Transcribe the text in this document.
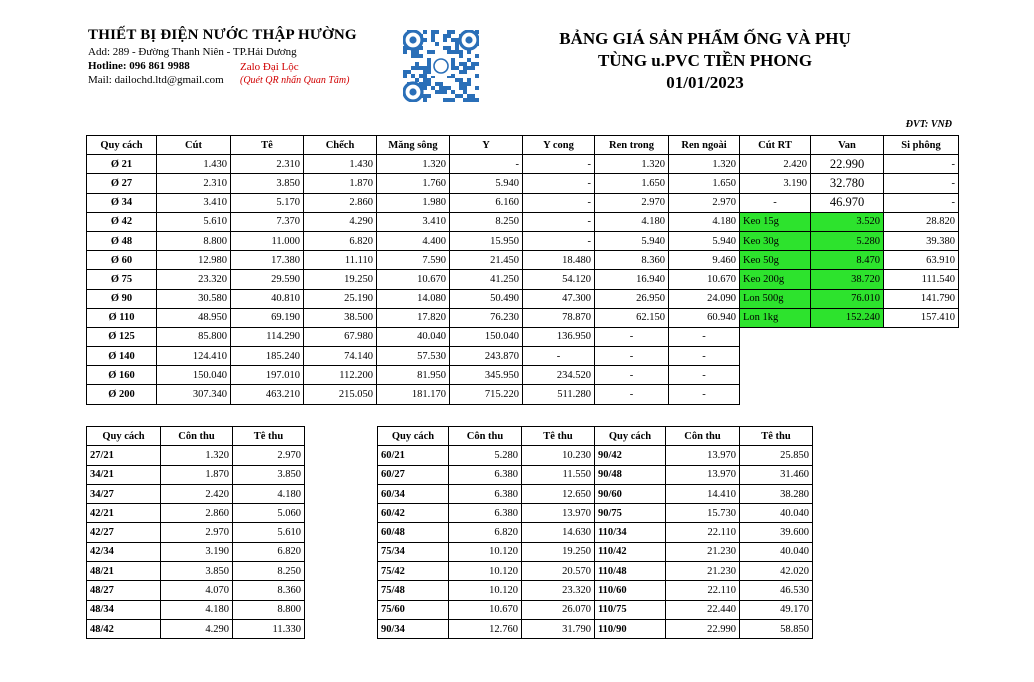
THIẾT BỊ ĐIỆN NƯỚC THẬP HƯỜNG
Add: 289 - Đường Thanh Niên - TP.Hải Dương
Hotline: 096 861 9988
Mail: dailochd.ltd@gmail.com
Zalo Đại Lộc
(Quét QR nhấn Quan Tâm)
BẢNG GIÁ SẢN PHẨM ỐNG VÀ PHỤ
TÙNG u.PVC TIỀN PHONG
01/01/2023
ĐVT: VNĐ
Quy cách	Cút	Tê	Chếch	Măng sông	Y	Y cong	Ren trong	Ren ngoài	Cút RT	Van	Si phông
Ø 21	1.430	2.310	1.430	1.320	-	-	1.320	1.320	2.420	22.990	-
Ø 27	2.310	3.850	1.870	1.760	5.940	-	1.650	1.650	3.190	32.780	-
Ø 34	3.410	5.170	2.860	1.980	6.160	-	2.970	2.970	-	46.970	-
Ø 42	5.610	7.370	4.290	3.410	8.250	-	4.180	4.180	Keo 15g	3.520	28.820
Ø 48	8.800	11.000	6.820	4.400	15.950	-	5.940	5.940	Keo 30g	5.280	39.380
Ø 60	12.980	17.380	11.110	7.590	21.450	18.480	8.360	9.460	Keo 50g	8.470	63.910
Ø 75	23.320	29.590	19.250	10.670	41.250	54.120	16.940	10.670	Keo 200g	38.720	111.540
Ø 90	30.580	40.810	25.190	14.080	50.490	47.300	26.950	24.090	Lon 500g	76.010	141.790
Ø 110	48.950	69.190	38.500	17.820	76.230	78.870	62.150	60.940	Lon 1kg	152.240	157.410
Ø 125	85.800	114.290	67.980	40.040	150.040	136.950	-	-			
Ø 140	124.410	185.240	74.140	57.530	243.870	-	-	-			
Ø 160	150.040	197.010	112.200	81.950	345.950	234.520	-	-			
Ø 200	307.340	463.210	215.050	181.170	715.220	511.280	-	-			
Quy cách	Côn thu	Tê thu
27/21	1.320	2.970
34/21	1.870	3.850
34/27	2.420	4.180
42/21	2.860	5.060
42/27	2.970	5.610
42/34	3.190	6.820
48/21	3.850	8.250
48/27	4.070	8.360
48/34	4.180	8.800
48/42	4.290	11.330
Quy cách	Côn thu	Tê thu	Quy cách	Côn thu	Tê thu
60/21	5.280	10.230	90/42	13.970	25.850
60/27	6.380	11.550	90/48	13.970	31.460
60/34	6.380	12.650	90/60	14.410	38.280
60/42	6.380	13.970	90/75	15.730	40.040
60/48	6.820	14.630	110/34	22.110	39.600
75/34	10.120	19.250	110/42	21.230	40.040
75/42	10.120	20.570	110/48	21.230	42.020
75/48	10.120	23.320	110/60	22.110	46.530
75/60	10.670	26.070	110/75	22.440	49.170
90/34	12.760	31.790	110/90	22.990	58.850
